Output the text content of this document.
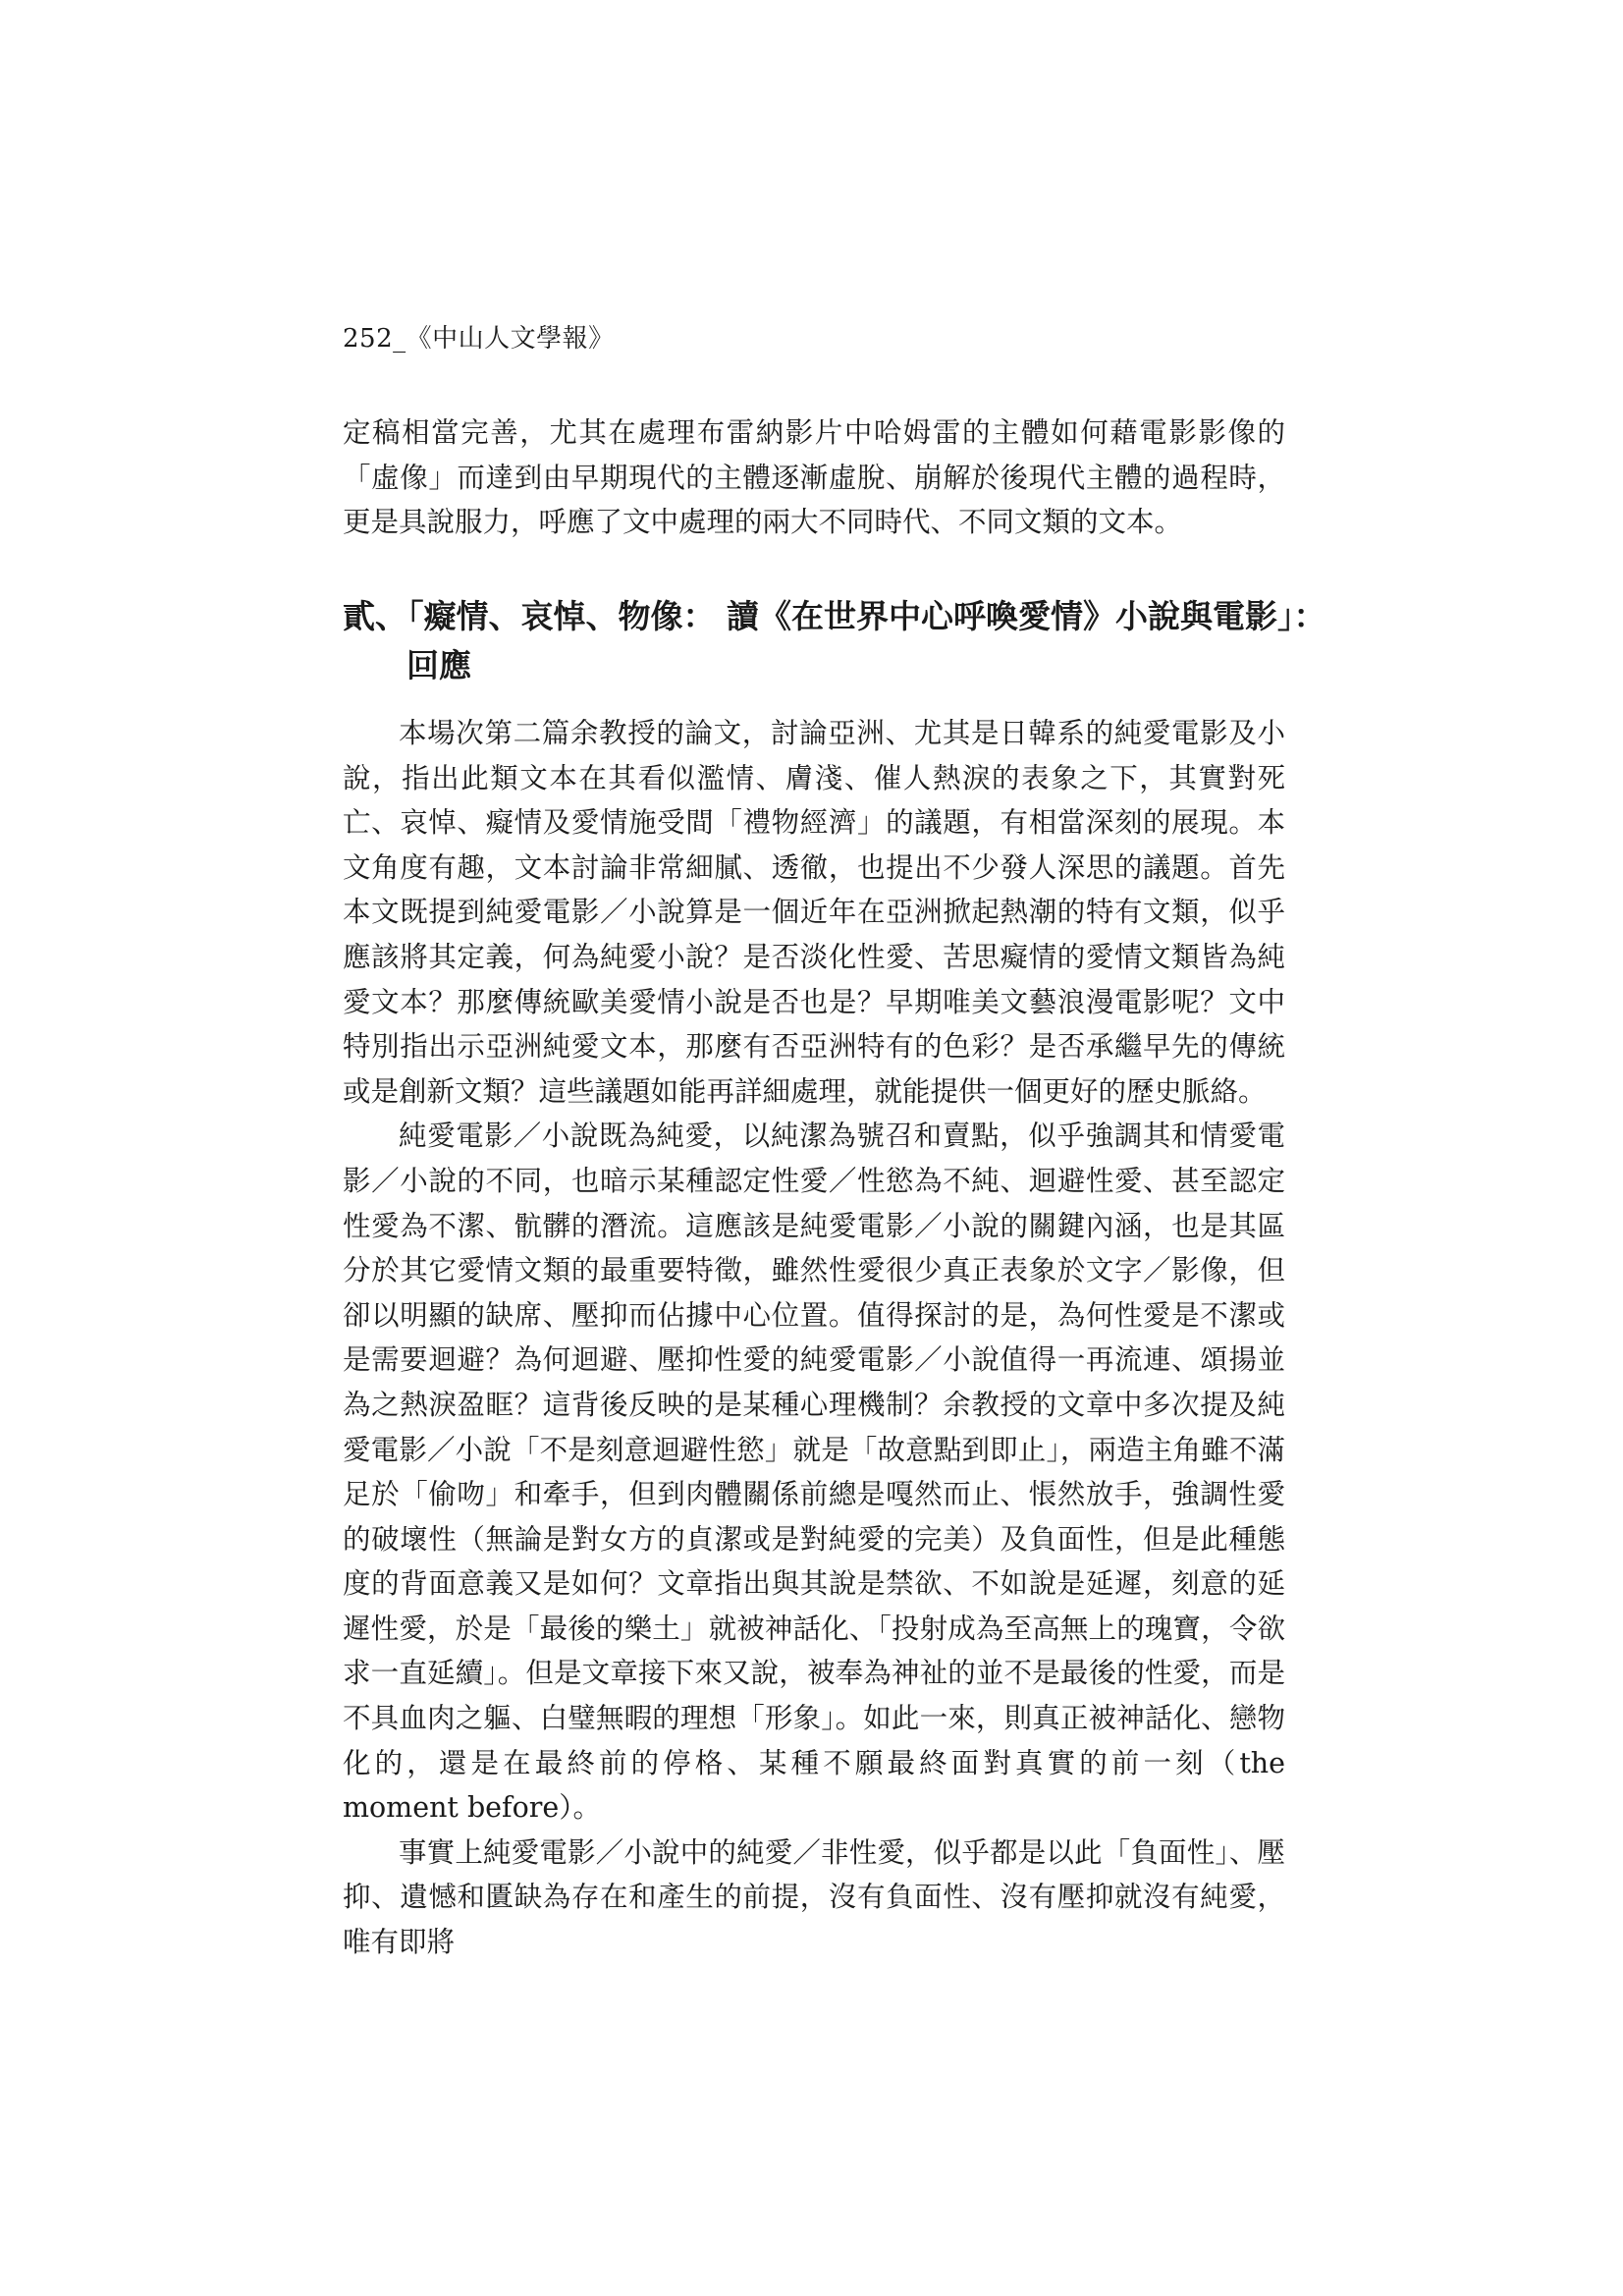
252_《中山人文學報》

定稿相當完善，尤其在處理布雷納影片中哈姆雷的主體如何藉電影影像的「虛像」而達到由早期現代的主體逐漸虛脫、崩解於後現代主體的過程時，更是具說服力，呼應了文中處理的兩大不同時代、不同文類的文本。

貳、「癡情、哀悼、物像： 讀《在世界中心呼喚愛情》小說與電影」：
回應

本場次第二篇余教授的論文，討論亞洲、尤其是日韓系的純愛電影及小說，指出此類文本在其看似濫情、膚淺、催人熱淚的表象之下，其實對死亡、哀悼、癡情及愛情施受間「禮物經濟」的議題，有相當深刻的展現。本文角度有趣，文本討論非常細膩、透徹，也提出不少發人深思的議題。首先本文既提到純愛電影／小說算是一個近年在亞洲掀起熱潮的特有文類，似乎應該將其定義，何為純愛小說？是否淡化性愛、苦思癡情的愛情文類皆為純愛文本？那麼傳統歐美愛情小說是否也是？早期唯美文藝浪漫電影呢？文中特別指出示亞洲純愛文本，那麼有否亞洲特有的色彩？是否承繼早先的傳統或是創新文類？這些議題如能再詳細處理，就能提供一個更好的歷史脈絡。

純愛電影／小說既為純愛，以純潔為號召和賣點，似乎強調其和情愛電影／小說的不同，也暗示某種認定性愛／性慾為不純、迴避性愛、甚至認定性愛為不潔、骯髒的潛流。這應該是純愛電影／小說的關鍵內涵，也是其區分於其它愛情文類的最重要特徵，雖然性愛很少真正表象於文字／影像，但卻以明顯的缺席、壓抑而佔據中心位置。值得探討的是，為何性愛是不潔或是需要迴避？為何迴避、壓抑性愛的純愛電影／小說值得一再流連、頌揚並為之熱淚盈眶？這背後反映的是某種心理機制？余教授的文章中多次提及純愛電影／小說「不是刻意迴避性慾」就是「故意點到即止」，兩造主角雖不滿足於「偷吻」和牽手，但到肉體關係前總是嘎然而止、悵然放手，強調性愛的破壞性（無論是對女方的貞潔或是對純愛的完美）及負面性，但是此種態度的背面意義又是如何？文章指出與其說是禁欲、不如說是延遲，刻意的延遲性愛，於是「最後的樂土」就被神話化、「投射成為至高無上的瑰寶，令欲求一直延續」。但是文章接下來又說，被奉為神祉的並不是最後的性愛，而是不具血肉之軀、白璧無暇的理想「形象」。如此一來，則真正被神話化、戀物化的，還是在最終前的停格、某種不願最終面對真實的前一刻（the moment before）。

事實上純愛電影／小說中的純愛／非性愛，似乎都是以此「負面性」、壓抑、遺憾和匱缺為存在和產生的前提，沒有負面性、沒有壓抑就沒有純愛，唯有即將
